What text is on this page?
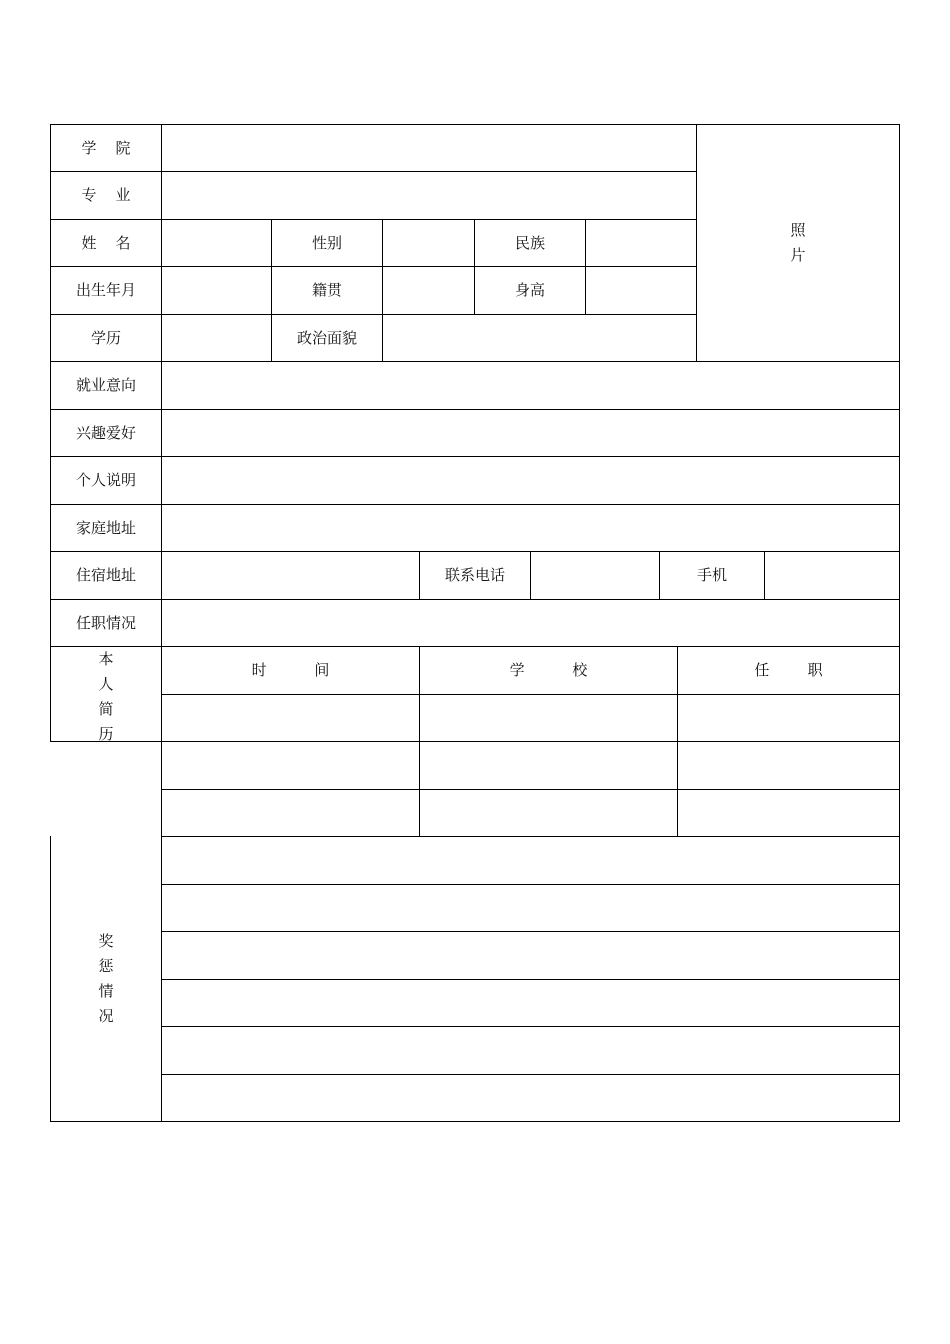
学    院
专    业
姓    名	性别	民族
出生年月	籍贯	身高
学历	政治面貌
照
片
就业意向
兴趣爱好
个人说明
家庭地址
住宿地址	联系电话	手机
任职情况
本
人
简
历
时          间	学          校	任        职
奖
惩
情
况
